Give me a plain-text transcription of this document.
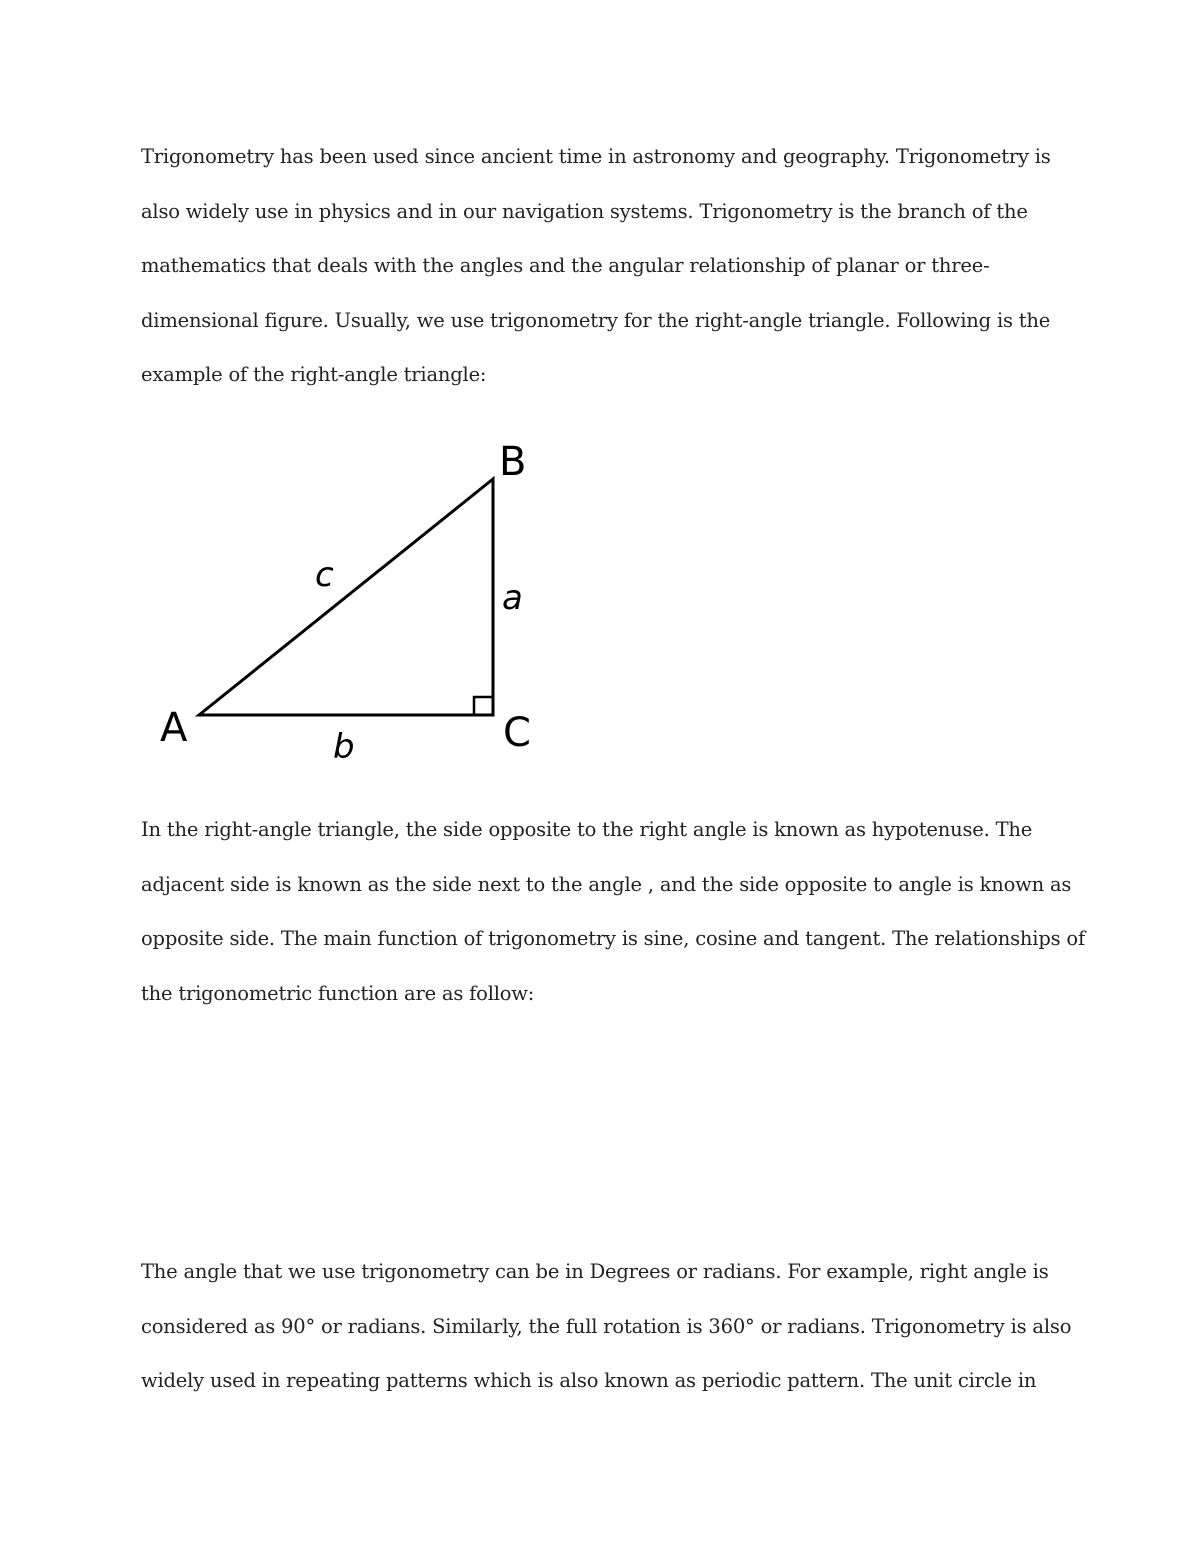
Trigonometry has been used since ancient time in astronomy and geography. Trigonometry is
also widely use in physics and in our navigation systems. Trigonometry is the branch of the
mathematics that deals with the angles and the angular relationship of planar or three-
dimensional figure. Usually, we use trigonometry for the right-angle triangle. Following is the
example of the right-angle triangle:

A
B
C
c
a
b

In the right-angle triangle, the side opposite to the right angle is known as hypotenuse. The
adjacent side is known as the side next to the angle , and the side opposite to angle is known as
opposite side. The main function of trigonometry is sine, cosine and tangent. The relationships of
the trigonometric function are as follow:

The angle that we use trigonometry can be in Degrees or radians. For example, right angle is
considered as 90° or radians. Similarly, the full rotation is 360° or radians. Trigonometry is also
widely used in repeating patterns which is also known as periodic pattern. The unit circle in
